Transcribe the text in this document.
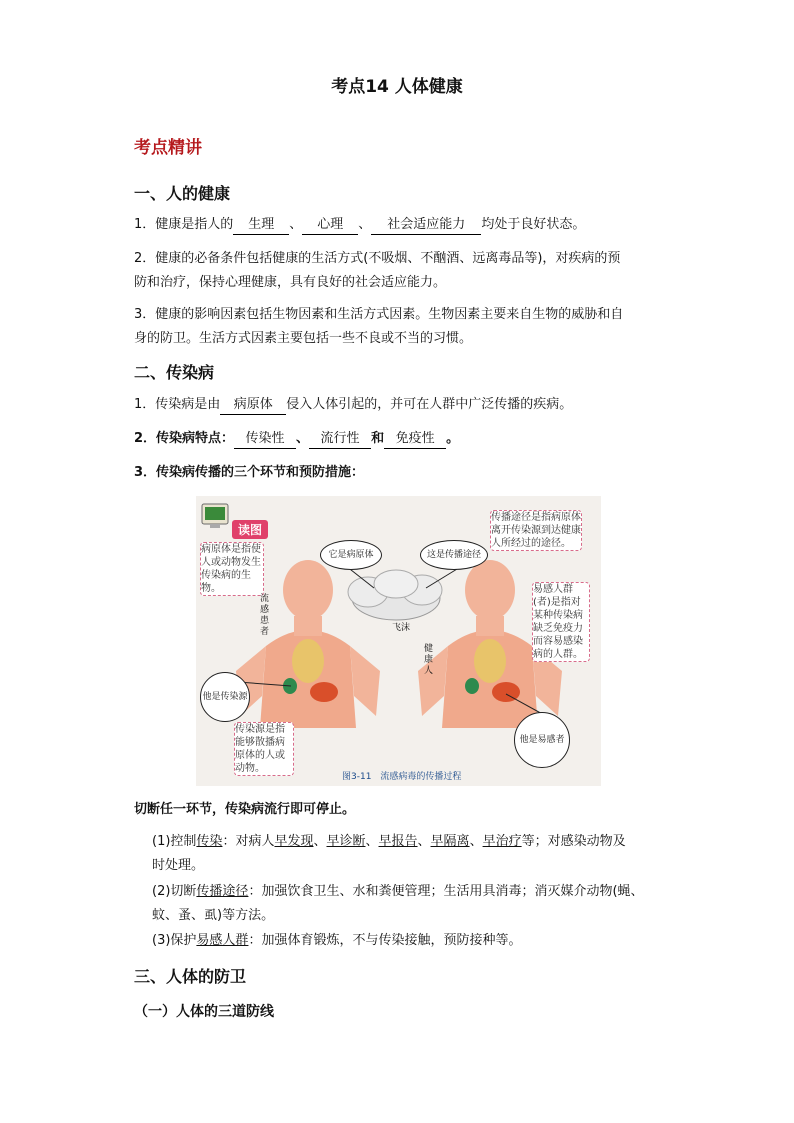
考点14 人体健康
考点精讲
一、人的健康
1．健康是指人的 生理 、 心理 、 社会适应能力 均处于良好状态。
2．健康的必备条件包括健康的生活方式(不吸烟、不酗酒、远离毒品等)，对疾病的预
防和治疗，保持心理健康，具有良好的社会适应能力。
3．健康的影响因素包括生物因素和生活方式因素。生物因素主要来自生物的威胁和自
身的防卫。生活方式因素主要包括一些不良或不当的习惯。
二、传染病
1．传染病是由 病原体 侵入人体引起的，并可在人群中广泛传播的疾病。
2．传染病特点： 传染性 、 流行性 和 免疫性 。
3．传染病传播的三个环节和预防措施：
读图
病原体是指使人或动物发生传染病的生物。
传播途径是指病原体离开传染源到达健康人所经过的途径。
易感人群(者)是指对某种传染病缺乏免疫力而容易感染病的人群。
传染源是指能够散播病原体的人或动物。
它是病原体	这是传播途径
他是传染源
他是易感者
流感患者
健康人
飞沫
图3-11　流感病毒的传播过程
切断任一环节，传染病流行即可停止。
(1)控制传染：对病人早发现、早诊断、早报告、早隔离、早治疗等；对感染动物及
时处理。
(2)切断传播途径：加强饮食卫生、水和粪便管理；生活用具消毒；消灭媒介动物(蝇、
蚊、蚤、虱)等方法。
(3)保护易感人群：加强体育锻炼，不与传染接触，预防接种等。
三、人体的防卫
（一）人体的三道防线
